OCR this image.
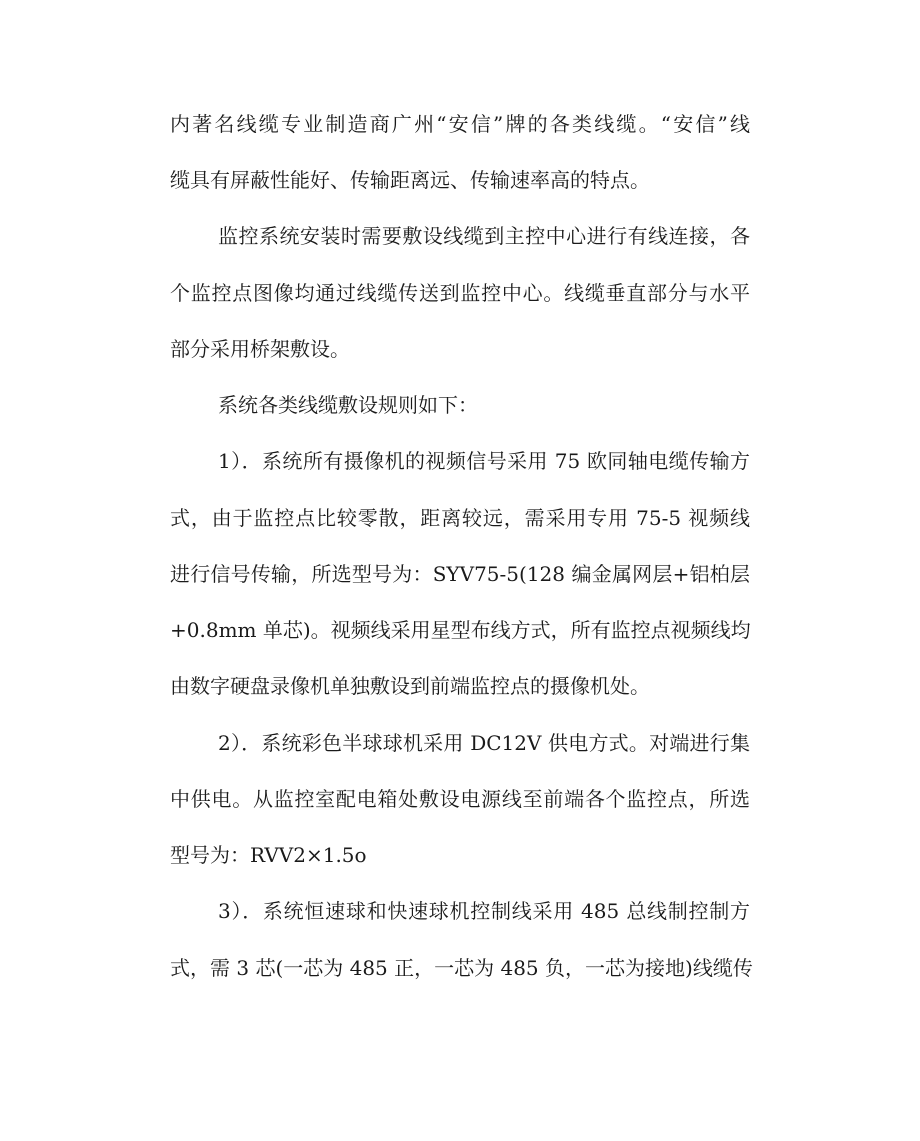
内著名线缆专业制造商广州“安信”牌的各类线缆。“安信”线
缆具有屏蔽性能好、传输距离远、传输速率高的特点。
监控系统安装时需要敷设线缆到主控中心进行有线连接，各
个监控点图像均通过线缆传送到监控中心。线缆垂直部分与水平
部分采用桥架敷设。
系统各类线缆敷设规则如下：
1）．系统所有摄像机的视频信号采用 75 欧同轴电缆传输方
式，由于监控点比较零散，距离较远，需采用专用 75-5 视频线
进行信号传输，所选型号为：SYV75-5(128 编金属网层+铝柏层
+0.8mm 单芯)。视频线采用星型布线方式，所有监控点视频线均
由数字硬盘录像机单独敷设到前端监控点的摄像机处。
2）．系统彩色半球球机采用 DC12V 供电方式。对端进行集
中供电。从监控室配电箱处敷设电源线至前端各个监控点，所选
型号为：RVV2×1.5o
3）．系统恒速球和快速球机控制线采用 485 总线制控制方
式，需 3 芯(一芯为 485 正，一芯为 485 负，一芯为接地)线缆传
